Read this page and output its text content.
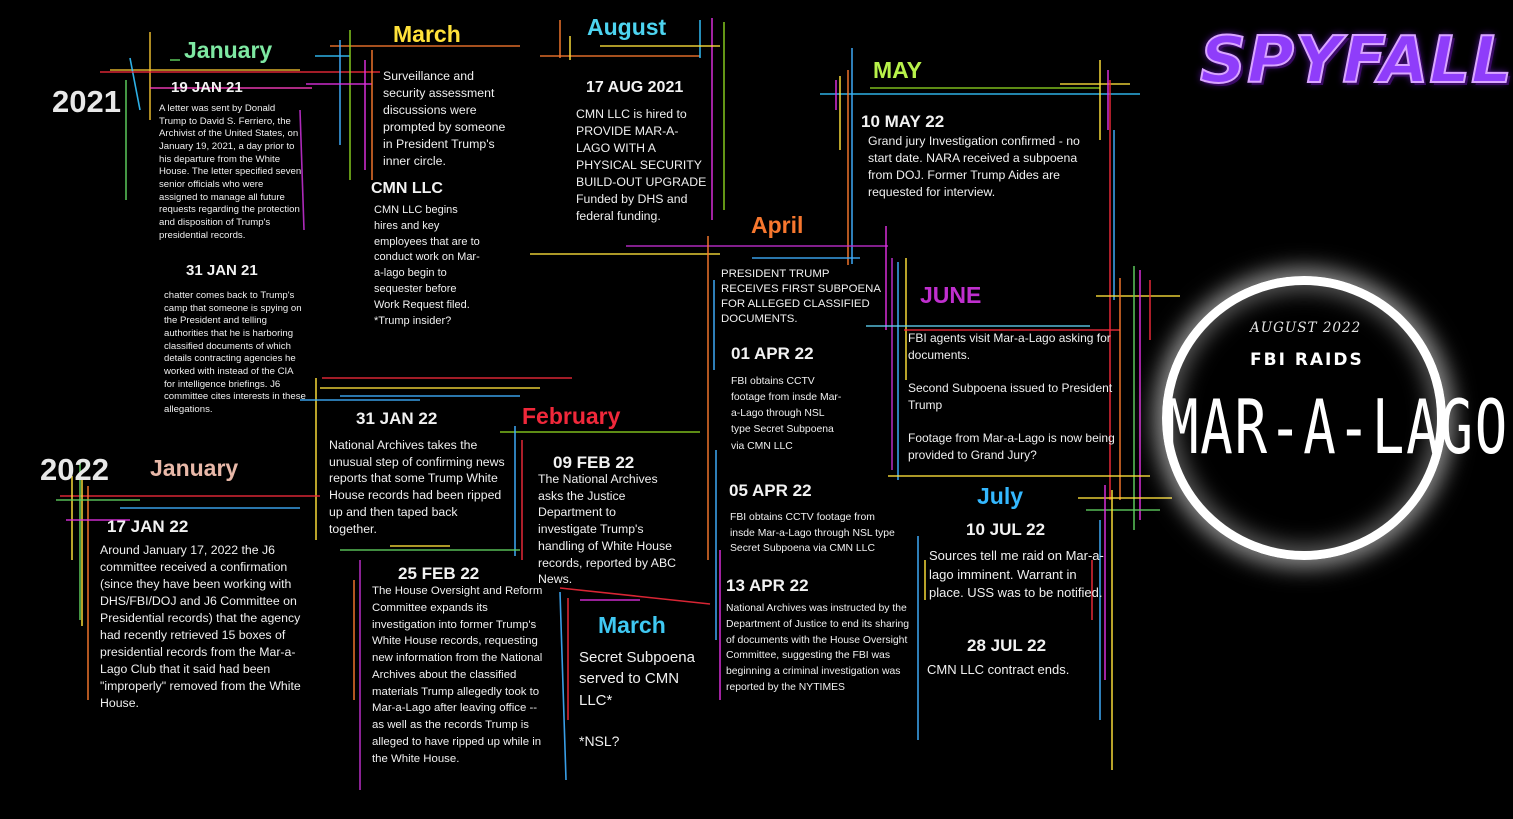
SPYFALL
AUGUST 2022
FBI RAIDS
MAR-A-LAGO
2021
2022
January
March	August
MAY
April
JUNE
January
February
March
July
19 JAN 21
A letter was sent by Donald Trump to David S. Ferriero, the Archivist of the United States, on January 19, 2021, a day prior to his departure from the White House. The letter specified seven senior officials who were assigned to manage all future requests regarding the protection and disposition of Trump's presidential records.
31 JAN 21
chatter comes back to Trump's camp that someone is spying on the President and telling authorities that he is harboring classified documents of which details contracting agencies he worked with instead of the CIA for intelligence briefings. J6 committee cites interests in these allegations.
Surveillance and security assessment discussions were prompted by someone in President Trump's inner circle.
CMN LLC
CMN LLC begins hires and key employees that are to conduct work on Mar-a-lago begin to sequester before Work Request filed. *Trump insider?
17 AUG 2021
CMN LLC is hired to PROVIDE MAR-A-LAGO WITH A PHYSICAL SECURITY BUILD-OUT UPGRADE Funded by DHS and federal funding.
10 MAY 22
Grand jury Investigation confirmed - no start date. NARA received a subpoena from DOJ. Former Trump Aides are requested for interview.
PRESIDENT TRUMP RECEIVES FIRST SUBPOENA FOR ALLEGED CLASSIFIED DOCUMENTS.
01 APR 22
FBI obtains CCTV footage from insde Mar-a-Lago through NSL type Secret Subpoena via CMN LLC
05 APR 22
FBI obtains CCTV footage from insde Mar-a-Lago through NSL type Secret Subpoena via CMN LLC
13 APR 22
National Archives was instructed by the Department of Justice to end its sharing of documents with the House Oversight Committee, suggesting the FBI was beginning a criminal investigation was reported by the NYTIMES
FBI agents visit Mar-a-Lago asking for documents.
Second Subpoena issued to President Trump
Footage from Mar-a-Lago is now being provided to Grand Jury?
10 JUL 22
Sources tell me raid on Mar-a-lago imminent. Warrant in place. USS was to be notified.
28 JUL 22
CMN LLC contract ends.
31 JAN 22
National Archives takes the unusual step of confirming news reports that some Trump White House records had been ripped up and then taped back together.
09 FEB 22
The National Archives asks the Justice Department to investigate Trump's handling of White House records, reported by ABC News.
25 FEB 22
The House Oversight and Reform Committee expands its investigation into former Trump's White House records, requesting new information from the National Archives about the classified materials Trump allegedly took to Mar-a-Lago after leaving office -- as well as the records Trump is alleged to have ripped up while in the White House.
17 JAN 22
Around January 17, 2022 the J6 committee received a confirmation (since they have been working with DHS/FBI/DOJ and J6 Committee on Presidential records) that the agency had recently retrieved 15 boxes of presidential records from the Mar-a-Lago Club that it said had been "improperly" removed from the White House.
Secret Subpoena served to CMN LLC*
*NSL?
